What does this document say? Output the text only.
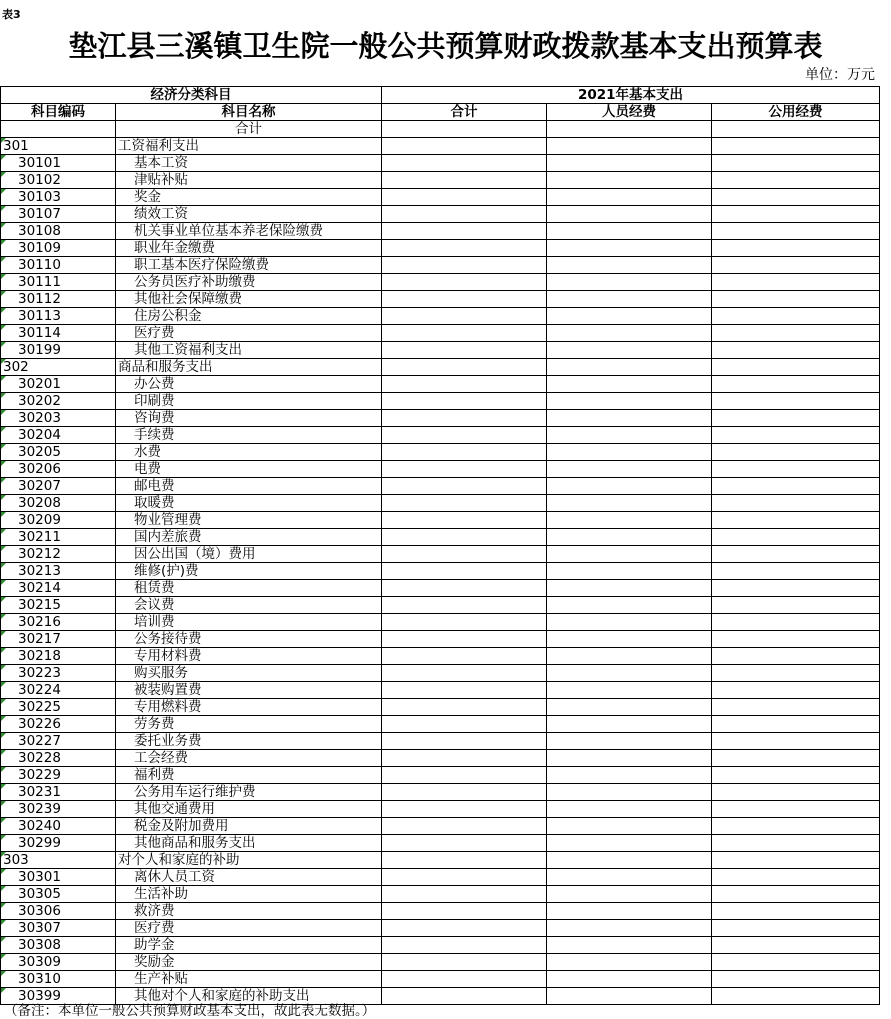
表3
垫江县三溪镇卫生院一般公共预算财政拨款基本支出预算表
单位：万元
经济分类科目		2021年基本支出		
科目编码	科目名称	合计	人员经费	公用经费
	合计			

301	工资福利支出			

30101	基本工资			

30102	津贴补贴			

30103	奖金			

30107	绩效工资			

30108	机关事业单位基本养老保险缴费			

30109	职业年金缴费			

30110	职工基本医疗保险缴费			

30111	公务员医疗补助缴费			

30112	其他社会保障缴费			

30113	住房公积金			

30114	医疗费			

30199	其他工资福利支出			

302	商品和服务支出			

30201	办公费			

30202	印刷费			

30203	咨询费			

30204	手续费			

30205	水费			

30206	电费			

30207	邮电费			

30208	取暖费			

30209	物业管理费			

30211	国内差旅费			

30212	因公出国（境）费用			

30213	维修(护)费			

30214	租赁费			

30215	会议费			

30216	培训费			

30217	公务接待费			

30218	专用材料费			

30223	购买服务			

30224	被装购置费			

30225	专用燃料费			

30226	劳务费			

30227	委托业务费			

30228	工会经费			

30229	福利费			

30231	公务用车运行维护费			

30239	其他交通费用			

30240	税金及附加费用			

30299	其他商品和服务支出			

303	对个人和家庭的补助			

30301	离休人员工资			

30305	生活补助			

30306	救济费			

30307	医疗费			

30308	助学金			

30309	奖励金			

30310	生产补贴			

30399	其他对个人和家庭的补助支出			
（备注：本单位一般公共预算财政基本支出，故此表无数据。）
